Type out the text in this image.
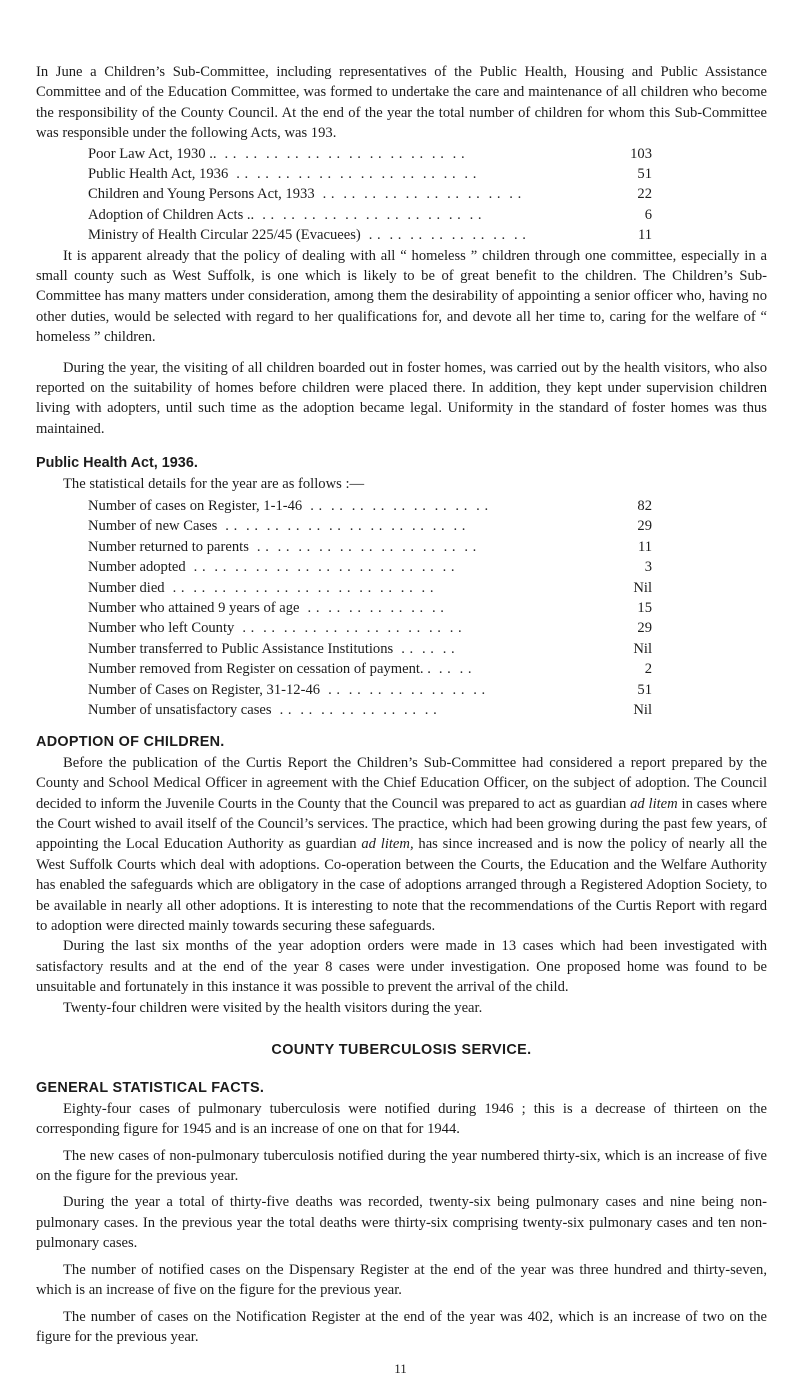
In June a Children’s Sub-Committee, including representatives of the Public Health, Housing and Public Assistance Committee and of the Education Committee, was formed to undertake the care and maintenance of all children who become the responsibility of the County Council. At the end of the year the total number of children for whom this Sub-Committee was responsible under the following Acts, was 193.

Poor Law Act, 1930 .. . .  . .  . .  . .  . .  . .  . .  . .  . .  . .  . .  . .	103
Public Health Act, 1936 . .  . .  . .  . .  . .  . .  . .  . .  . .  . .  . .  . .	51
Children and Young Persons Act, 1933 . .  . .  . .  . .  . .  . .  . .  . .  . .  . .	22
Adoption of Children Acts .. . .  . .  . .  . .  . .  . .  . .  . .  . .  . .  . .	6
Ministry of Health Circular 225/45 (Evacuees) . .  . .  . .  . .  . .  . .  . .  . .	11

It is apparent already that the policy of dealing with all “ homeless ” children through one committee, especially in a small county such as West Suffolk, is one which is likely to be of great benefit to the children. The Children’s Sub-Committee has many matters under consideration, among them the desirability of appointing a senior officer who, having no other duties, would be selected with regard to her qualifications for, and devote all her time to, caring for the welfare of “ homeless ” children.

During the year, the visiting of all children boarded out in foster homes, was carried out by the health visitors, who also reported on the suitability of homes before children were placed there. In addition, they kept under supervision children living with adopters, until such time as the adoption became legal. Uniformity in the standard of foster homes was thus maintained.

Public Health Act, 1936.

The statistical details for the year are as follows :—

Number of cases on Register, 1-1-46 . .  . .  . .  . .  . .  . .  . .  . .  . .	82
Number of new Cases . .  . .  . .  . .  . .  . .  . .  . .  . .  . .  . .  . .	29
Number returned to parents . .  . .  . .  . .  . .  . .  . .  . .  . .  . .  . .	11
Number adopted . .  . .  . .  . .  . .  . .  . .  . .  . .  . .  . .  . .  . .	3
Number died . .  . .  . .  . .  . .  . .  . .  . .  . .  . .  . .  . .  . .	Nil
Number who attained 9 years of age . .  . .  . .  . .  . .  . .  . .	15
Number who left County . .  . .  . .  . .  . .  . .  . .  . .  . .  . .  . .	29
Number transferred to Public Assistance Institutions . .  . .  . .	Nil
Number removed from Register on cessation of payment. . . .  . .	2
Number of Cases on Register, 31-12-46 . .  . .  . .  . .  . .  . .  . .  . .	51
Number of unsatisfactory cases . .  . .  . .  . .  . .  . .  . .  . .	Nil

ADOPTION OF CHILDREN.

Before the publication of the Curtis Report the Children’s Sub-Committee had considered a report prepared by the County and School Medical Officer in agreement with the Chief Education Officer, on the subject of adoption. The Council decided to inform the Juvenile Courts in the County that the Council was prepared to act as guardian ad litem in cases where the Court wished to avail itself of the Council’s services. The practice, which had been growing during the past few years, of appointing the Local Education Authority as guardian ad litem, has since increased and is now the policy of nearly all the West Suffolk Courts which deal with adoptions. Co-operation between the Courts, the Education and the Welfare Authority has enabled the safeguards which are obligatory in the case of adoptions arranged through a Registered Adoption Society, to be available in nearly all other adoptions. It is interesting to note that the recommendations of the Curtis Report with regard to adoption were directed mainly towards securing these safeguards.

During the last six months of the year adoption orders were made in 13 cases which had been investigated with satisfactory results and at the end of the year 8 cases were under investigation. One proposed home was found to be unsuitable and fortunately in this instance it was possible to prevent the arrival of the child.

Twenty-four children were visited by the health visitors during the year.

COUNTY TUBERCULOSIS SERVICE.

GENERAL STATISTICAL FACTS.

Eighty-four cases of pulmonary tuberculosis were notified during 1946 ; this is a decrease of thirteen on the corresponding figure for 1945 and is an increase of one on that for 1944.

The new cases of non-pulmonary tuberculosis notified during the year numbered thirty-six, which is an increase of five on the figure for the previous year.

During the year a total of thirty-five deaths was recorded, twenty-six being pulmonary cases and nine being non-pulmonary cases. In the previous year the total deaths were thirty-six comprising twenty-six pulmonary cases and ten non-pulmonary cases.

The number of notified cases on the Dispensary Register at the end of the year was three hundred and thirty-seven, which is an increase of five on the figure for the previous year.

The number of cases on the Notification Register at the end of the year was 402, which is an increase of two on the figure for the previous year.

11
